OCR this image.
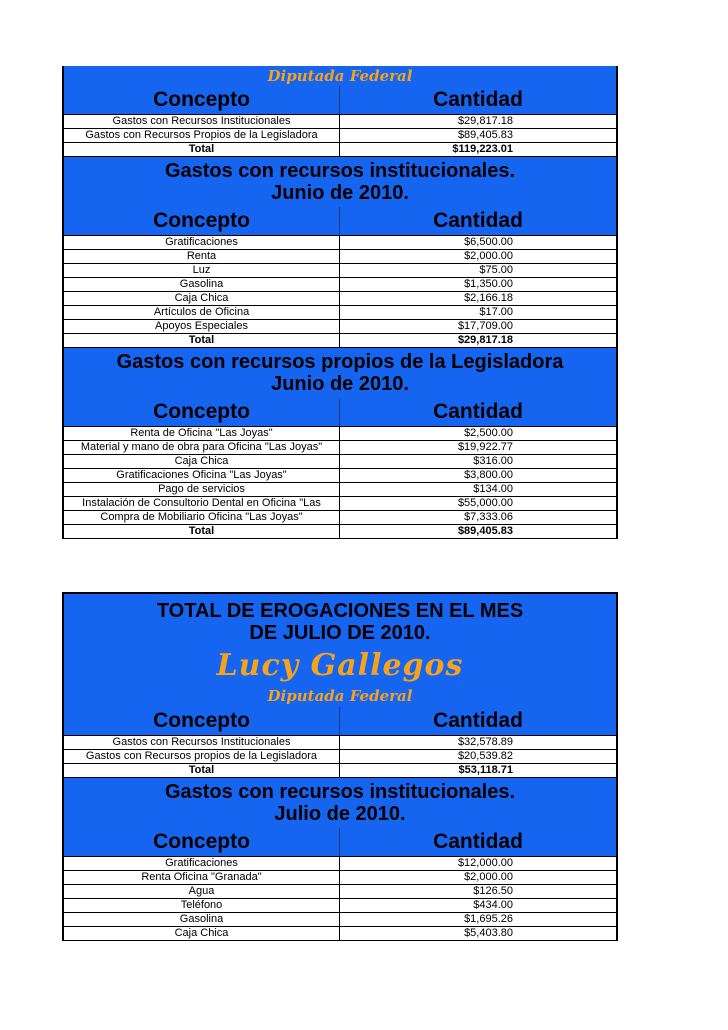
Diputada Federal
Concepto	Cantidad
Gastos con Recursos Institucionales	$29,817.18
Gastos con Recursos Propios de la Legisladora	$89,405.83
Total	$119,223.01
Gastos con recursos institucionales.
Junio de 2010.
Concepto	Cantidad
Gratificaciones	$6,500.00
Renta	$2,000.00
Luz	$75.00
Gasolina	$1,350.00
Caja Chica	$2,166.18
Artículos de Oficina	$17.00
Apoyos Especiales	$17,709.00
Total	$29,817.18
Gastos con recursos propios de la Legisladora
Junio de 2010.
Concepto	Cantidad
Renta de Oficina "Las Joyas"	$2,500.00
Material y mano de obra para Oficina "Las Joyas"	$19,922.77
Caja Chica	$316.00
Gratificaciones Oficina "Las Joyas"	$3,800.00
Pago de servicios	$134.00
Instalación de Consultorio Dental en Oficina "Las	$55,000.00
Compra de Mobiliario Oficina "Las Joyas"	$7,333.06
Total	$89,405.83
TOTAL DE EROGACIONES EN EL MES
DE JULIO DE 2010.
Lucy Gallegos
Diputada Federal
Concepto	Cantidad
Gastos con Recursos Institucionales	$32,578.89
Gastos con Recursos propios de la Legisladora	$20,539.82
Total	$53,118.71
Gastos con recursos institucionales.
Julio de 2010.
Concepto	Cantidad
Gratificaciones	$12,000.00
Renta Oficina "Granada"	$2,000.00
Agua	$126.50
Teléfono	$434.00
Gasolina	$1,695.26
Caja Chica	$5,403.80
